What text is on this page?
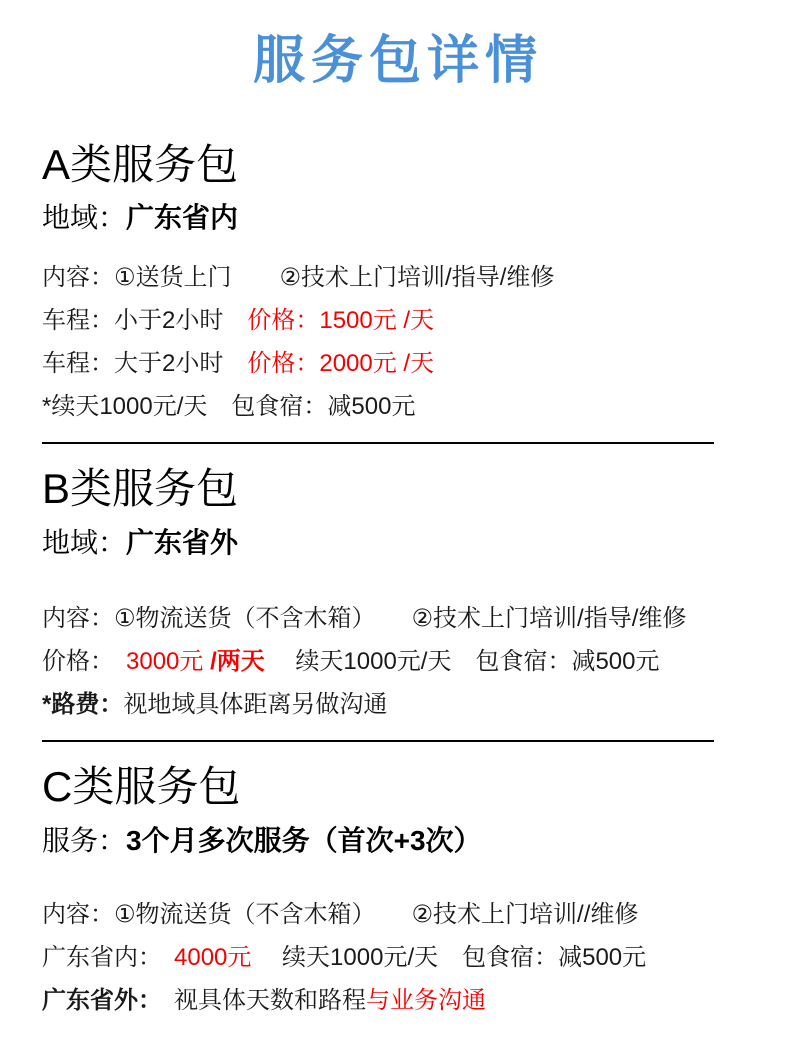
服务包详情
A类服务包

地域：广东省内

内容：①送货上门　　②技术上门培训/指导/维修

车程：小于2小时　价格：1500元 /天

车程：大于2小时　价格：2000元 /天

*续天1000元/天　包食宿：减500元

B类服务包

地域：广东省外

内容：①物流送货（不含木箱）　　②技术上门培训/指导/维修

价格：　3000元 /两天　 续天1000元/天　包食宿：减500元

*路费：视地域具体距离另做沟通

C类服务包

服务：3个月多次服务（首次+3次）

内容：①物流送货（不含木箱）　　②技术上门培训//维修

广东省内：　4000元　 续天1000元/天　包食宿：减500元

广东省外：　视具体天数和路程与业务沟通
